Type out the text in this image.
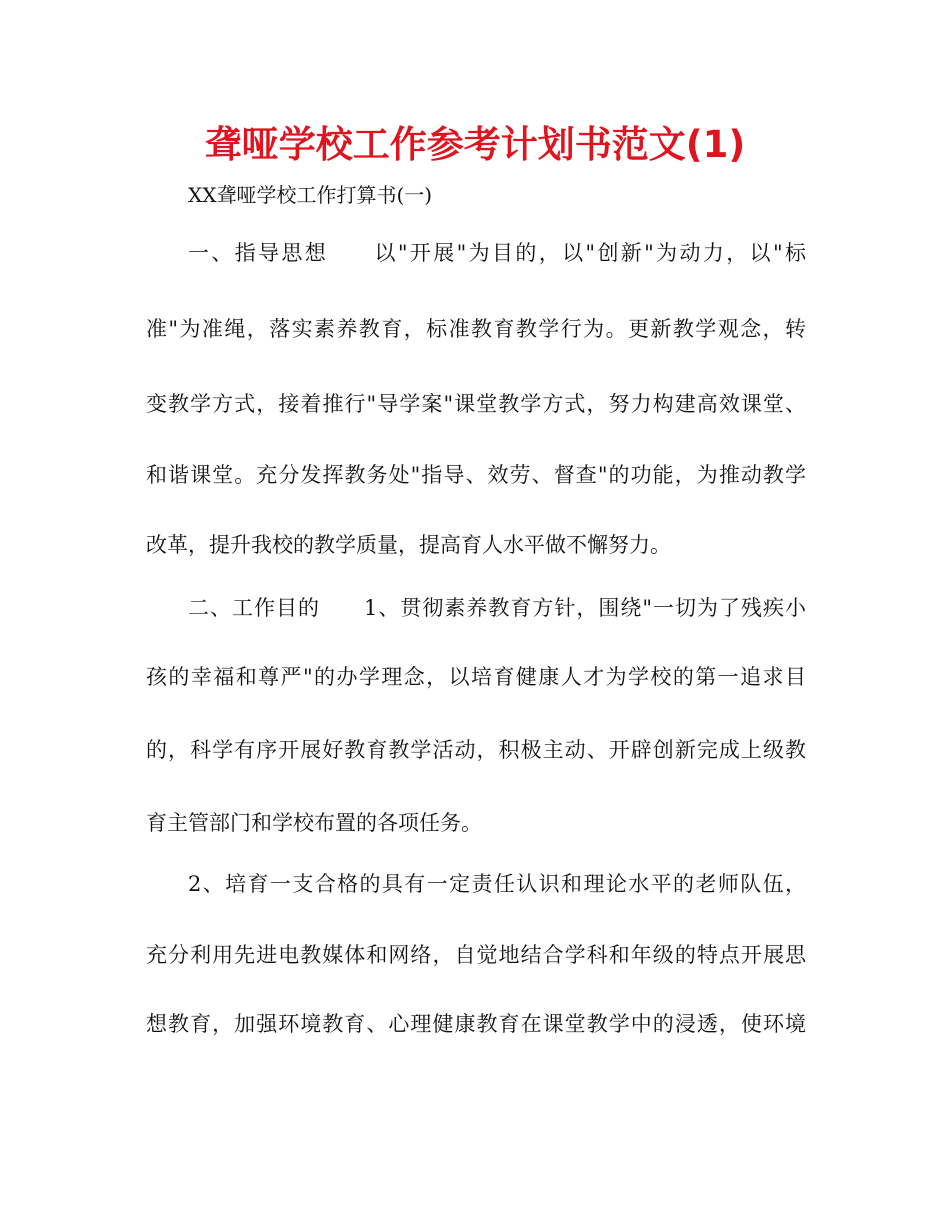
聋哑学校工作参考计划书范文(1)
XX聋哑学校工作打算书(一)
一、指导思想 以"开展"为目的，以"创新"为动力，以"标
准"为准绳，落实素养教育，标准教育教学行为。更新教学观念，转
变教学方式，接着推行"导学案"课堂教学方式，努力构建高效课堂、
和谐课堂。充分发挥教务处"指导、效劳、督查"的功能，为推动教学
改革，提升我校的教学质量，提高育人水平做不懈努力。
二、工作目的 1、贯彻素养教育方针，围绕"一切为了残疾小
孩的幸福和尊严"的办学理念，以培育健康人才为学校的第一追求目
的，科学有序开展好教育教学活动，积极主动、开辟创新完成上级教
育主管部门和学校布置的各项任务。
2、培育一支合格的具有一定责任认识和理论水平的老师队伍，
充分利用先进电教媒体和网络，自觉地结合学科和年级的特点开展思
想教育，加强环境教育、心理健康教育在课堂教学中的浸透，使环境
